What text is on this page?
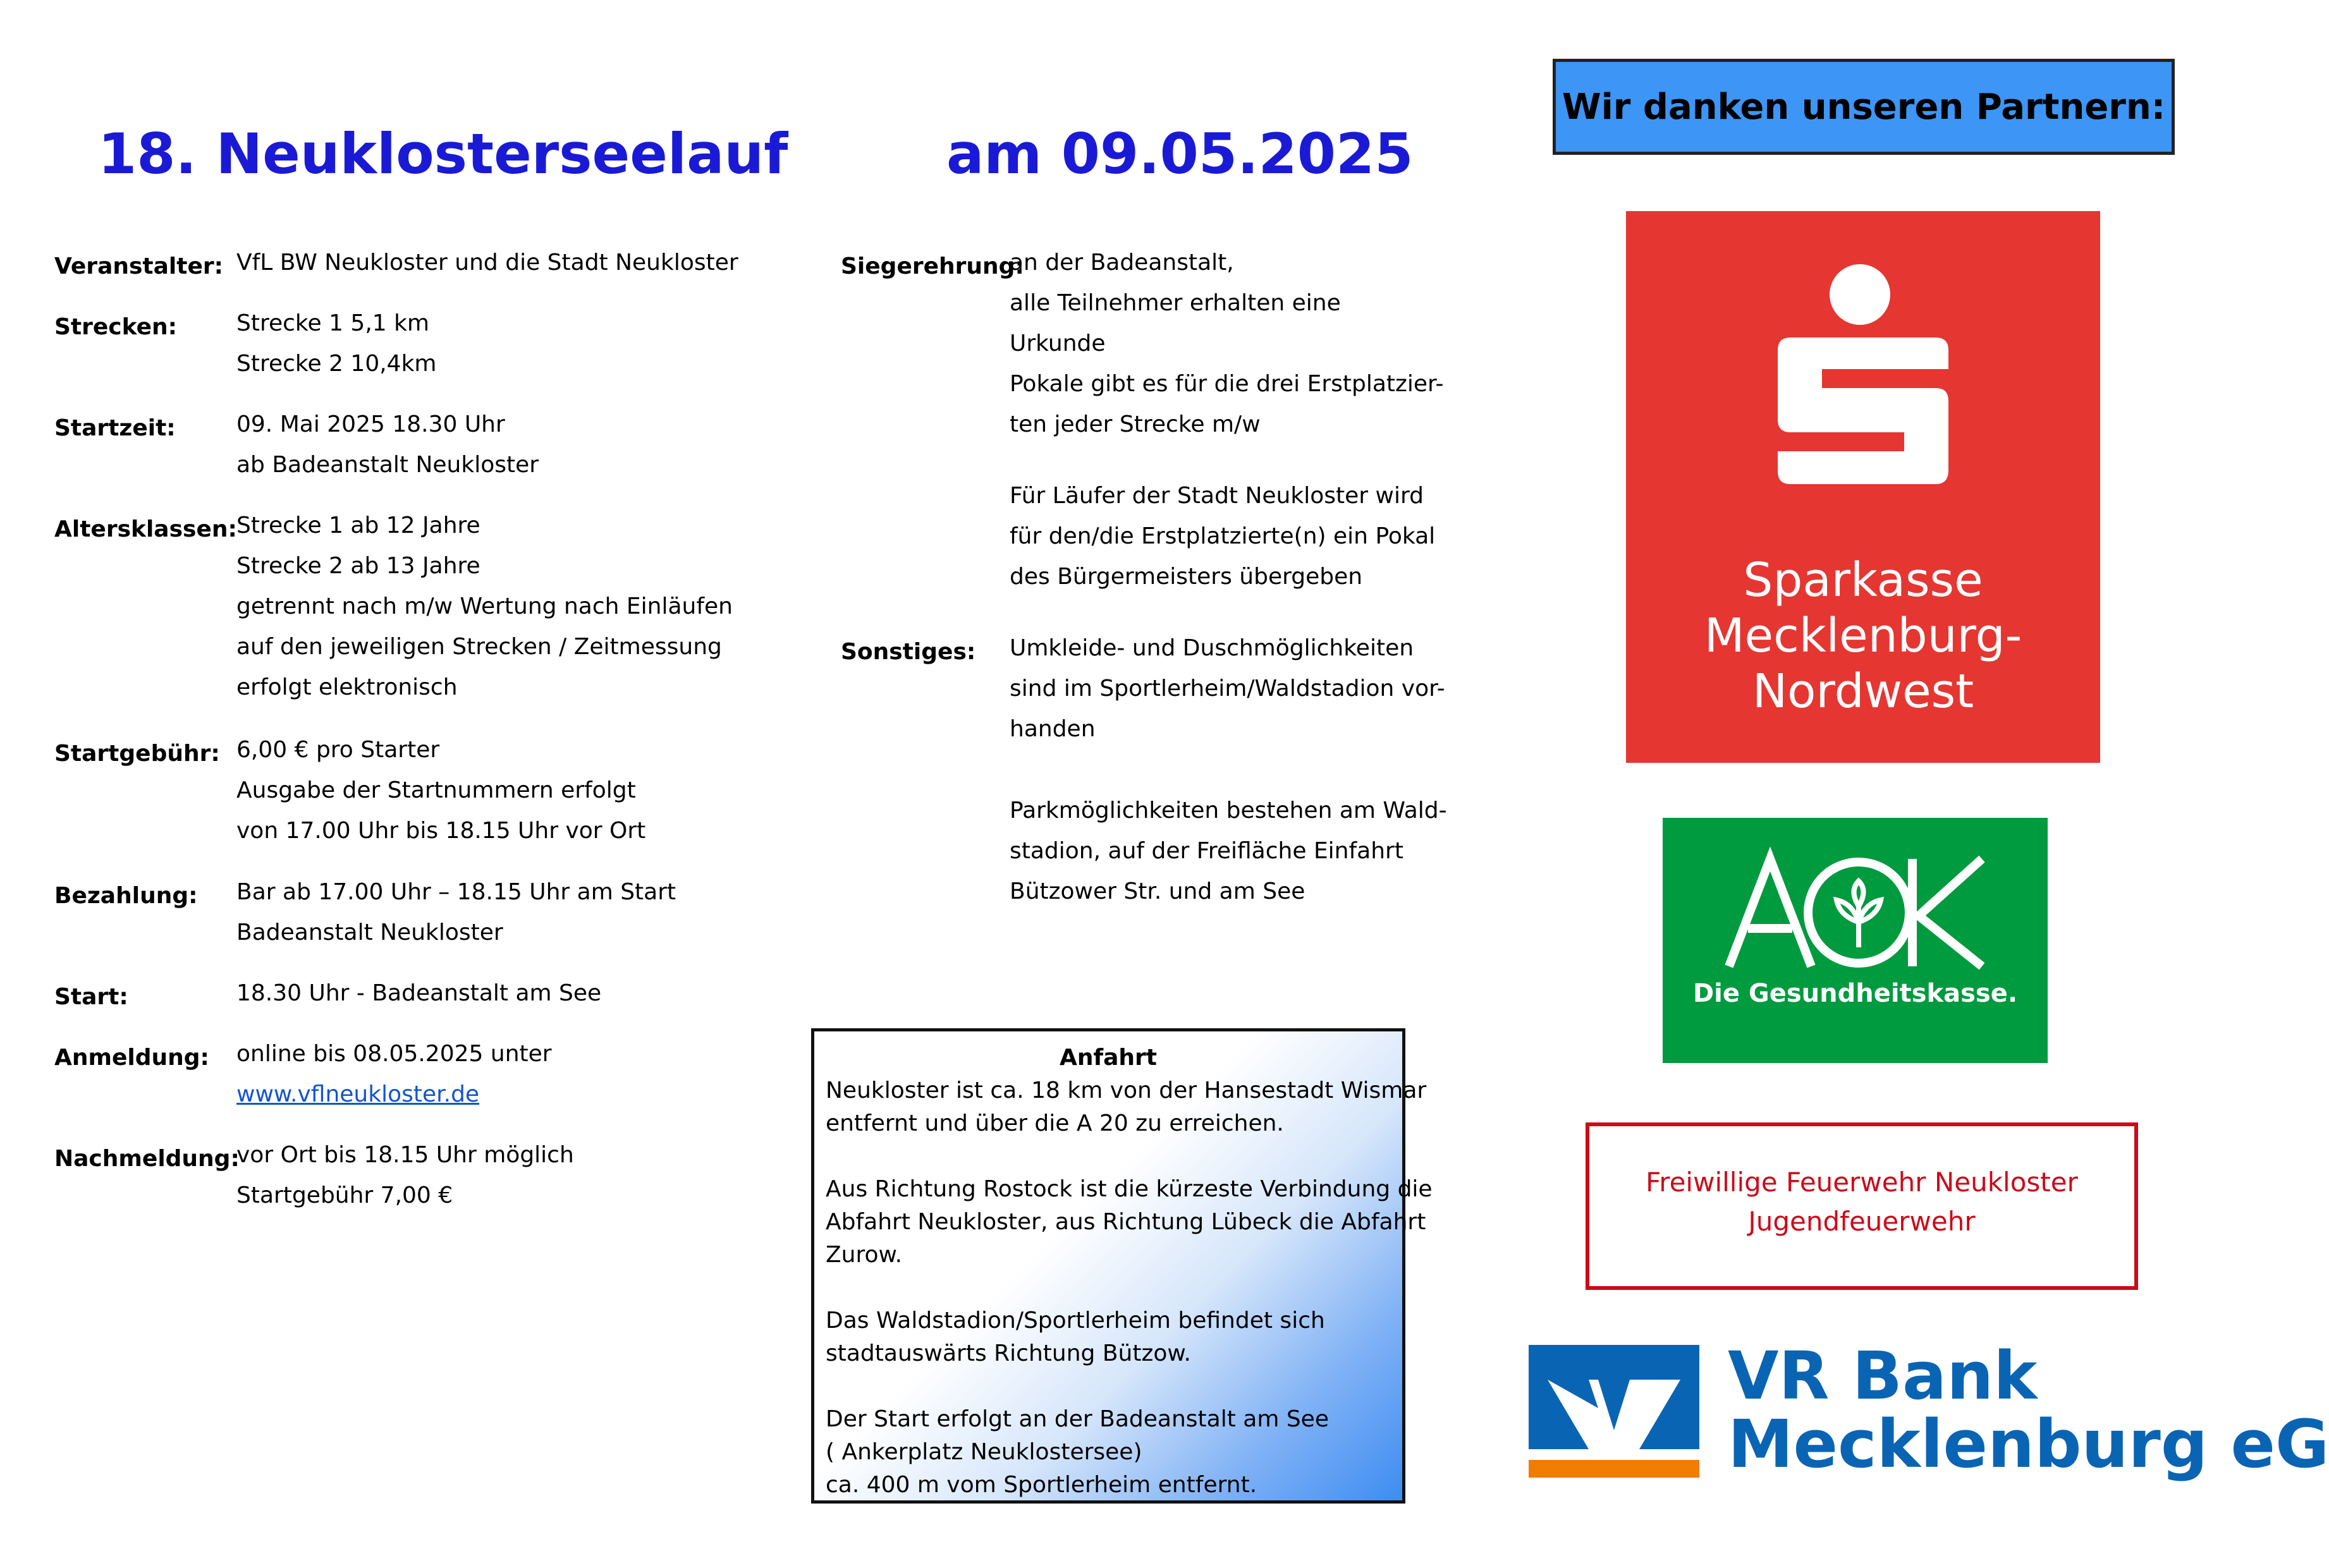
18. Neuklosterseelauf	am 09.05.2025
Veranstalter: VfL BW Neukloster und die Stadt Neukloster
Strecken:	Strecke 1 5,1 km
Strecke 2 10,4km
Startzeit:	09. Mai 2025 18.30 Uhr
ab Badeanstalt Neukloster
Altersklassen: Strecke 1 ab 12 Jahre
Strecke 2 ab 13 Jahre
getrennt nach m/w Wertung nach Einläufen
auf den jeweiligen Strecken / Zeitmessung
erfolgt elektronisch
Startgebühr: 6,00 € pro Starter
Ausgabe der Startnummern erfolgt
von 17.00 Uhr bis 18.15 Uhr vor Ort
Bezahlung: Bar ab 17.00 Uhr – 18.15 Uhr am Start
Badeanstalt Neukloster
Start:	18.30 Uhr - Badeanstalt am See
Anmeldung: online bis 08.05.2025 unter
www.vflneukloster.de
Nachmeldung:
vor Ort bis 18.15 Uhr möglich
Startgebühr 7,00 €
Siegerehrung:
an der Badeanstalt,
alle Teilnehmer erhalten eine
Urkunde
Pokale gibt es für die drei Erstplatzier-
ten jeder Strecke m/w
Für Läufer der Stadt Neukloster wird
für den/die Erstplatzierte(n) ein Pokal
des Bürgermeisters übergeben
Sonstiges: Umkleide- und Duschmöglichkeiten
sind im Sportlerheim/Waldstadion vor-
handen
Parkmöglichkeiten bestehen am Wald-
stadion, auf der Freifläche Einfahrt
Bützower Str. und am See
Anfahrt
Neukloster ist ca. 18 km von der Hansestadt Wismar
entfernt und über die A 20 zu erreichen.
Aus Richtung Rostock ist die kürzeste Verbindung die
Abfahrt Neukloster, aus Richtung Lübeck die Abfahrt
Zurow.
Das Waldstadion/Sportlerheim befindet sich
stadtauswärts Richtung Bützow.
Der Start erfolgt an der Badeanstalt am See
( Ankerplatz Neuklostersee)
ca. 400 m vom Sportlerheim entfernt.
Wir danken unseren Partnern:
Sparkasse
Mecklenburg-
Nordwest
Die Gesundheitskasse.
Freiwillige Feuerwehr Neukloster
Jugendfeuerwehr
VR Bank
Mecklenburg eG
